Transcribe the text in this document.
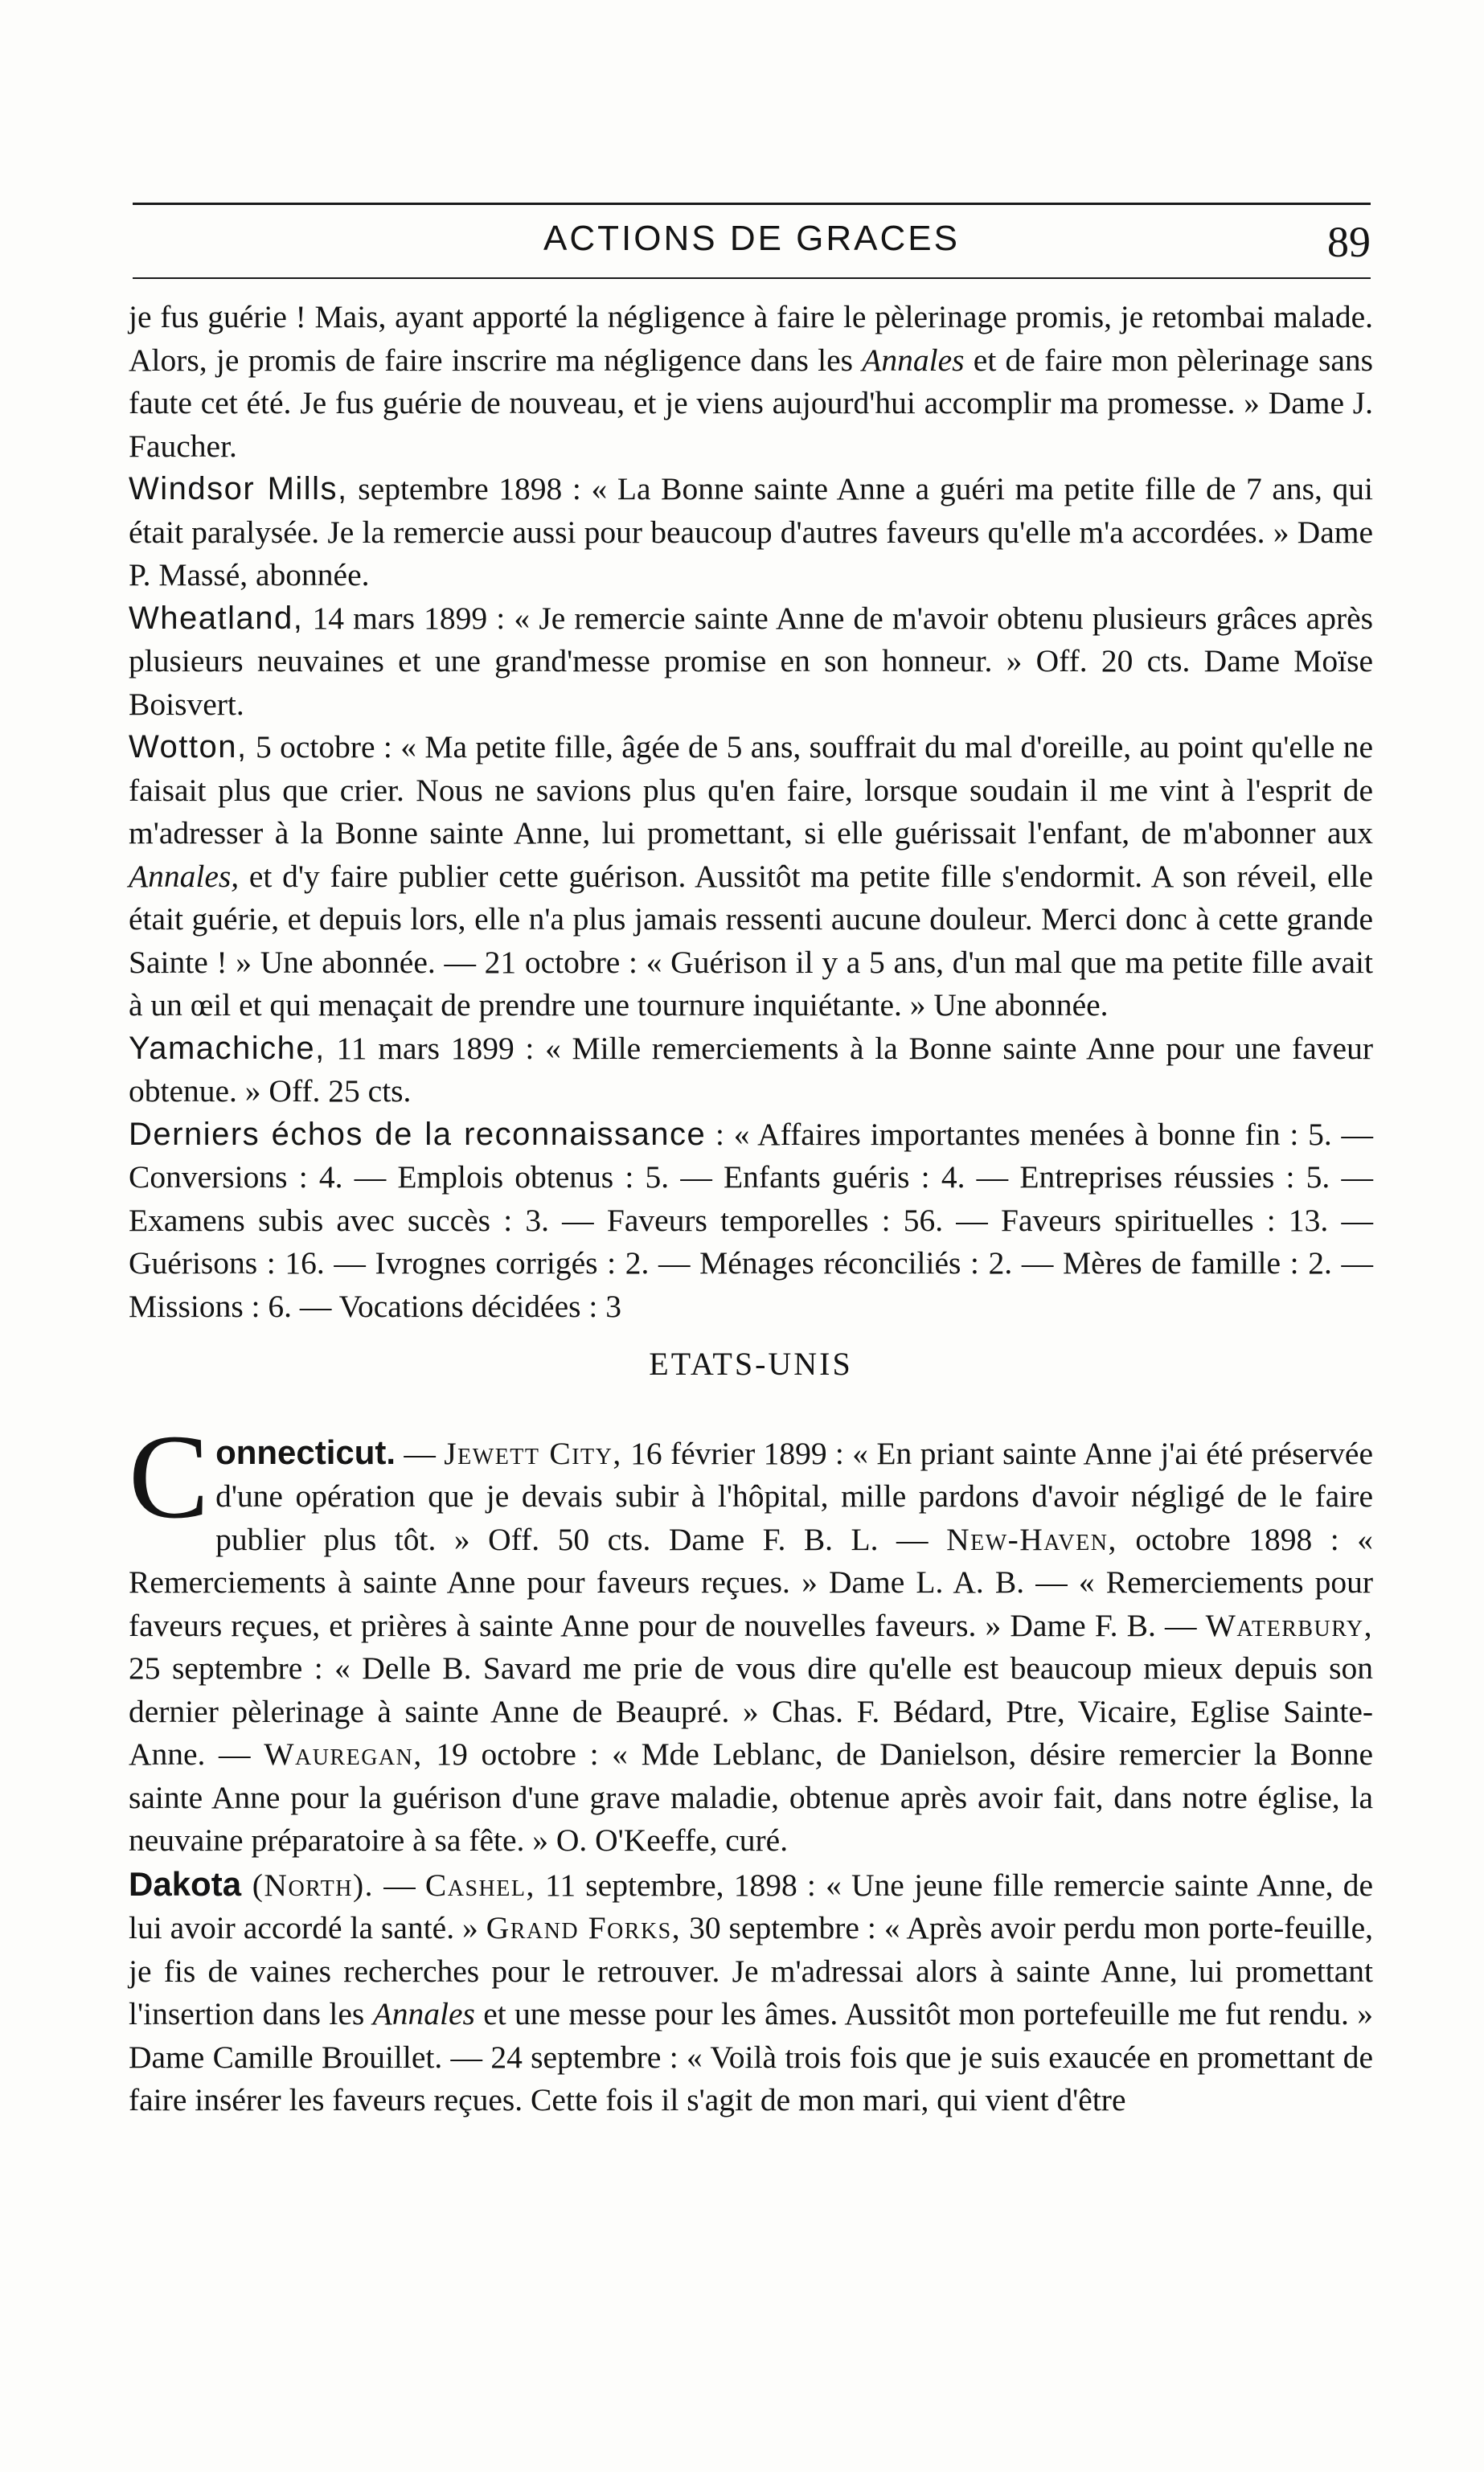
ACTIONS DE GRACES	89

je fus guérie ! Mais, ayant apporté la négligence à faire le pèlerinage promis, je retombai malade. Alors, je promis de faire inscrire ma négligence dans les Annales et de faire mon pèlerinage sans faute cet été. Je fus guérie de nouveau, et je viens aujourd'hui accomplir ma promesse. » Dame J. Faucher.

Windsor Mills, septembre 1898 : « La Bonne sainte Anne a guéri ma petite fille de 7 ans, qui était paralysée. Je la remercie aussi pour beaucoup d'autres faveurs qu'elle m'a accordées. » Dame P. Massé, abonnée.

Wheatland, 14 mars 1899 : « Je remercie sainte Anne de m'avoir obtenu plusieurs grâces après plusieurs neuvaines et une grand'messe promise en son honneur. » Off. 20 cts. Dame Moïse Boisvert.

Wotton, 5 octobre : « Ma petite fille, âgée de 5 ans, souffrait du mal d'oreille, au point qu'elle ne faisait plus que crier. Nous ne savions plus qu'en faire, lorsque soudain il me vint à l'esprit de m'adresser à la Bonne sainte Anne, lui promettant, si elle guérissait l'enfant, de m'abonner aux Annales, et d'y faire publier cette guérison. Aussitôt ma petite fille s'endormit. A son réveil, elle était guérie, et depuis lors, elle n'a plus jamais ressenti aucune douleur. Merci donc à cette grande Sainte ! » Une abonnée. — 21 octobre : « Guérison il y a 5 ans, d'un mal que ma petite fille avait à un œil et qui menaçait de prendre une tournure inquiétante. » Une abonnée.

Yamachiche, 11 mars 1899 : « Mille remerciements à la Bonne sainte Anne pour une faveur obtenue. » Off. 25 cts.

Derniers échos de la reconnaissance : « Affaires importantes menées à bonne fin : 5. — Conversions : 4. — Emplois obtenus : 5. — Enfants guéris : 4. — Entreprises réussies : 5. — Examens subis avec succès : 3. — Faveurs temporelles : 56. — Faveurs spirituelles : 13. — Guérisons : 16. — Ivrognes corrigés : 2. — Ménages réconciliés : 2. — Mères de famille : 2. — Missions : 6. — Vocations décidées : 3

ETATS-UNIS

Connecticut. — Jewett City, 16 février 1899 : « En priant sainte Anne j'ai été préservée d'une opération que je devais subir à l'hôpital, mille pardons d'avoir négligé de le faire publier plus tôt. » Off. 50 cts. Dame F. B. L. — New-Haven, octobre 1898 : « Remerciements à sainte Anne pour faveurs reçues. » Dame L. A. B. — « Remerciements pour faveurs reçues, et prières à sainte Anne pour de nouvelles faveurs. » Dame F. B. — Waterbury, 25 septembre : « Delle B. Savard me prie de vous dire qu'elle est beaucoup mieux depuis son dernier pèlerinage à sainte Anne de Beaupré. » Chas. F. Bédard, Ptre, Vicaire, Eglise Sainte-Anne. — Wauregan, 19 octobre : « Mde Leblanc, de Danielson, désire remercier la Bonne sainte Anne pour la guérison d'une grave maladie, obtenue après avoir fait, dans notre église, la neuvaine préparatoire à sa fête. » O. O'Keeffe, curé.

Dakota (North). — Cashel, 11 septembre, 1898 : « Une jeune fille remercie sainte Anne, de lui avoir accordé la santé. » Grand Forks, 30 septembre : « Après avoir perdu mon porte-feuille, je fis de vaines recherches pour le retrouver. Je m'adressai alors à sainte Anne, lui promettant l'insertion dans les Annales et une messe pour les âmes. Aussitôt mon portefeuille me fut rendu. » Dame Camille Brouillet. — 24 septembre : « Voilà trois fois que je suis exaucée en promettant de faire insérer les faveurs reçues. Cette fois il s'agit de mon mari, qui vient d'être
